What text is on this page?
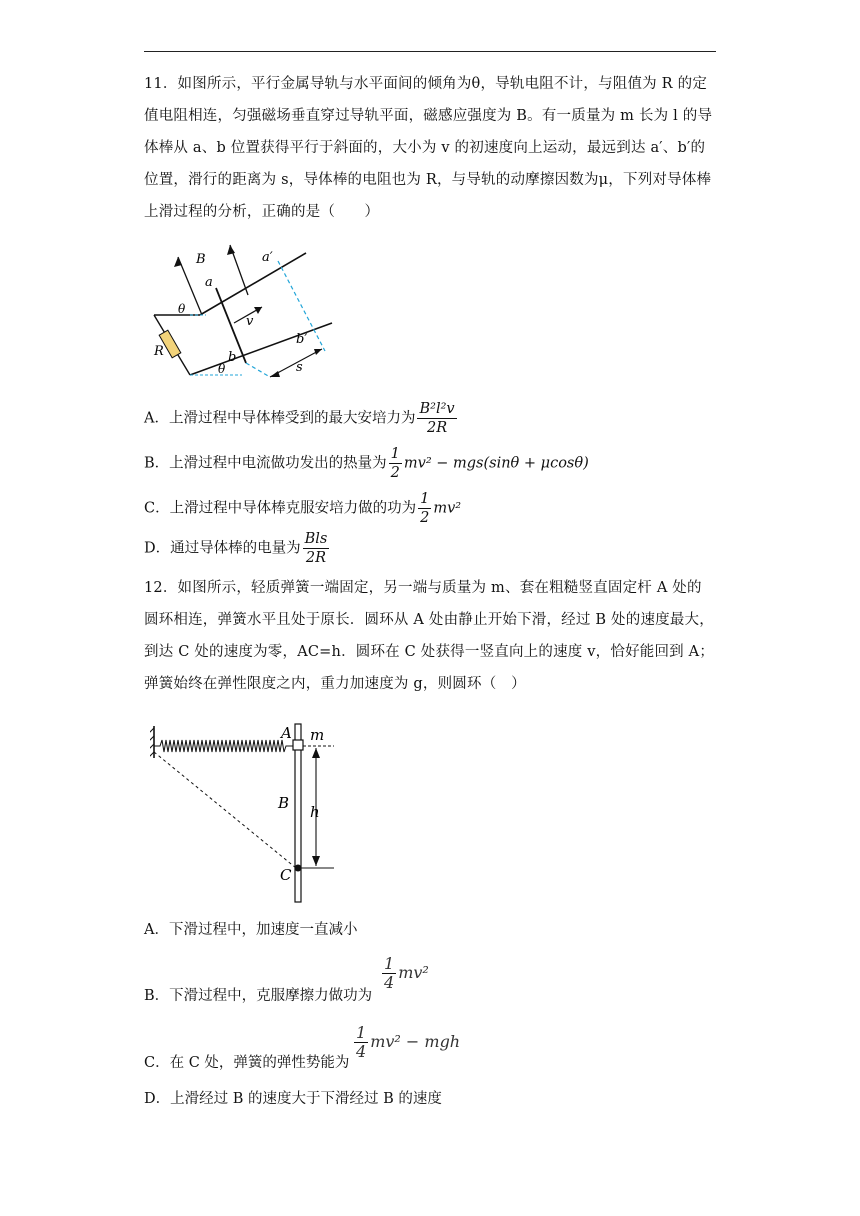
11．如图所示，平行金属导轨与水平面间的倾角为θ，导轨电阻不计，与阻值为 R 的定值电阻相连，匀强磁场垂直穿过导轨平面，磁感应强度为 B。有一质量为 m 长为 l 的导体棒从 a、b 位置获得平行于斜面的，大小为 v 的初速度向上运动，最远到达 a′、b′的位置，滑行的距离为 s，导体棒的电阻也为 R，与导轨的动摩擦因数为μ，下列对导体棒上滑过程的分析，正确的是（　　）
B
a
a′
θ
v
R	b
b′
θ	s
A．上滑过程中导体棒受到的最大安培力为 $\frac{\text{B²l²v}}{2R}$
B．上滑过程中电流做功发出的热量为 $\frac{1}{2} mv^2 - mgs(\sin\theta + \mu\cos\theta)$
C．上滑过程中导体棒克服安培力做的功为 $\frac{1}{2} mv^2$
D．通过导体棒的电量为 $\frac{\text{Bls}}{2R}$
12．如图所示，轻质弹簧一端固定，另一端与质量为 m、套在粗糙竖直固定杆 A 处的圆环相连，弹簧水平且处于原长．圆环从 A 处由静止开始下滑，经过 B 处的速度最大，到达 C 处的速度为零，AC=h．圆环在 C 处获得一竖直向上的速度 v，恰好能回到 A；弹簧始终在弹性限度之内，重力加速度为 g，则圆环（　）
A m
B h
C
A．下滑过程中，加速度一直减小
B．下滑过程中，克服摩擦力做功为
$\frac{1}{4} mv^2$
C．在 C 处，弹簧的弹性势能为
$\frac{1}{4} mv^2$ − mgh
D．上滑经过 B 的速度大于下滑经过 B 的速度
